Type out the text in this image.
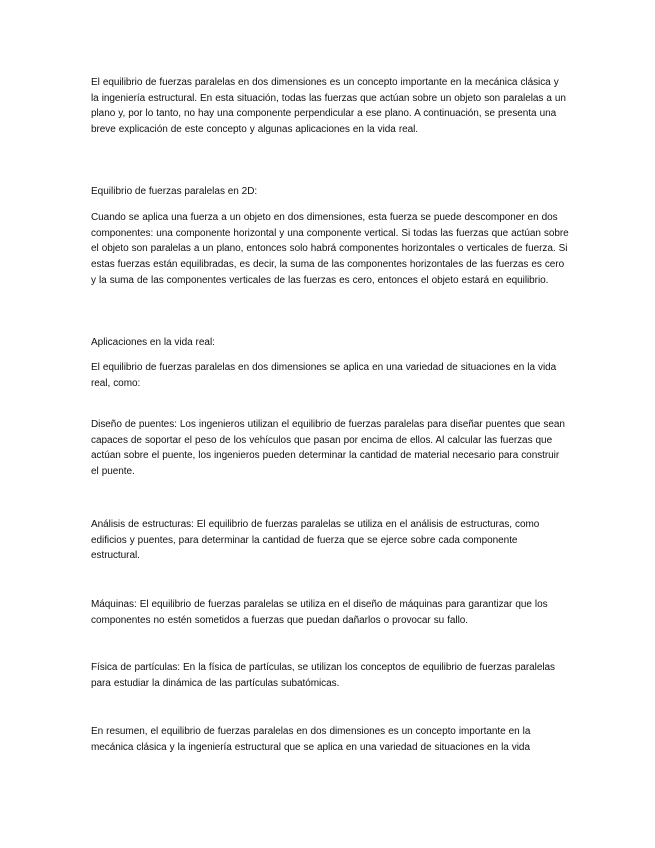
El equilibrio de fuerzas paralelas en dos dimensiones es un concepto importante en la mecánica clásica y la ingeniería estructural. En esta situación, todas las fuerzas que actúan sobre un objeto son paralelas a un plano y, por lo tanto, no hay una componente perpendicular a ese plano. A continuación, se presenta una breve explicación de este concepto y algunas aplicaciones en la vida real.

Equilibrio de fuerzas paralelas en 2D:

Cuando se aplica una fuerza a un objeto en dos dimensiones, esta fuerza se puede descomponer en dos componentes: una componente horizontal y una componente vertical. Si todas las fuerzas que actúan sobre el objeto son paralelas a un plano, entonces solo habrá componentes horizontales o verticales de fuerza. Si estas fuerzas están equilibradas, es decir, la suma de las componentes horizontales de las fuerzas es cero y la suma de las componentes verticales de las fuerzas es cero, entonces el objeto estará en equilibrio.

Aplicaciones en la vida real:

El equilibrio de fuerzas paralelas en dos dimensiones se aplica en una variedad de situaciones en la vida real, como:

Diseño de puentes: Los ingenieros utilizan el equilibrio de fuerzas paralelas para diseñar puentes que sean capaces de soportar el peso de los vehículos que pasan por encima de ellos. Al calcular las fuerzas que actúan sobre el puente, los ingenieros pueden determinar la cantidad de material necesario para construir el puente.

Análisis de estructuras: El equilibrio de fuerzas paralelas se utiliza en el análisis de estructuras, como edificios y puentes, para determinar la cantidad de fuerza que se ejerce sobre cada componente estructural.

Máquinas: El equilibrio de fuerzas paralelas se utiliza en el diseño de máquinas para garantizar que los componentes no estén sometidos a fuerzas que puedan dañarlos o provocar su fallo.

Física de partículas: En la física de partículas, se utilizan los conceptos de equilibrio de fuerzas paralelas para estudiar la dinámica de las partículas subatómicas.

En resumen, el equilibrio de fuerzas paralelas en dos dimensiones es un concepto importante en la mecánica clásica y la ingeniería estructural que se aplica en una variedad de situaciones en la vida
